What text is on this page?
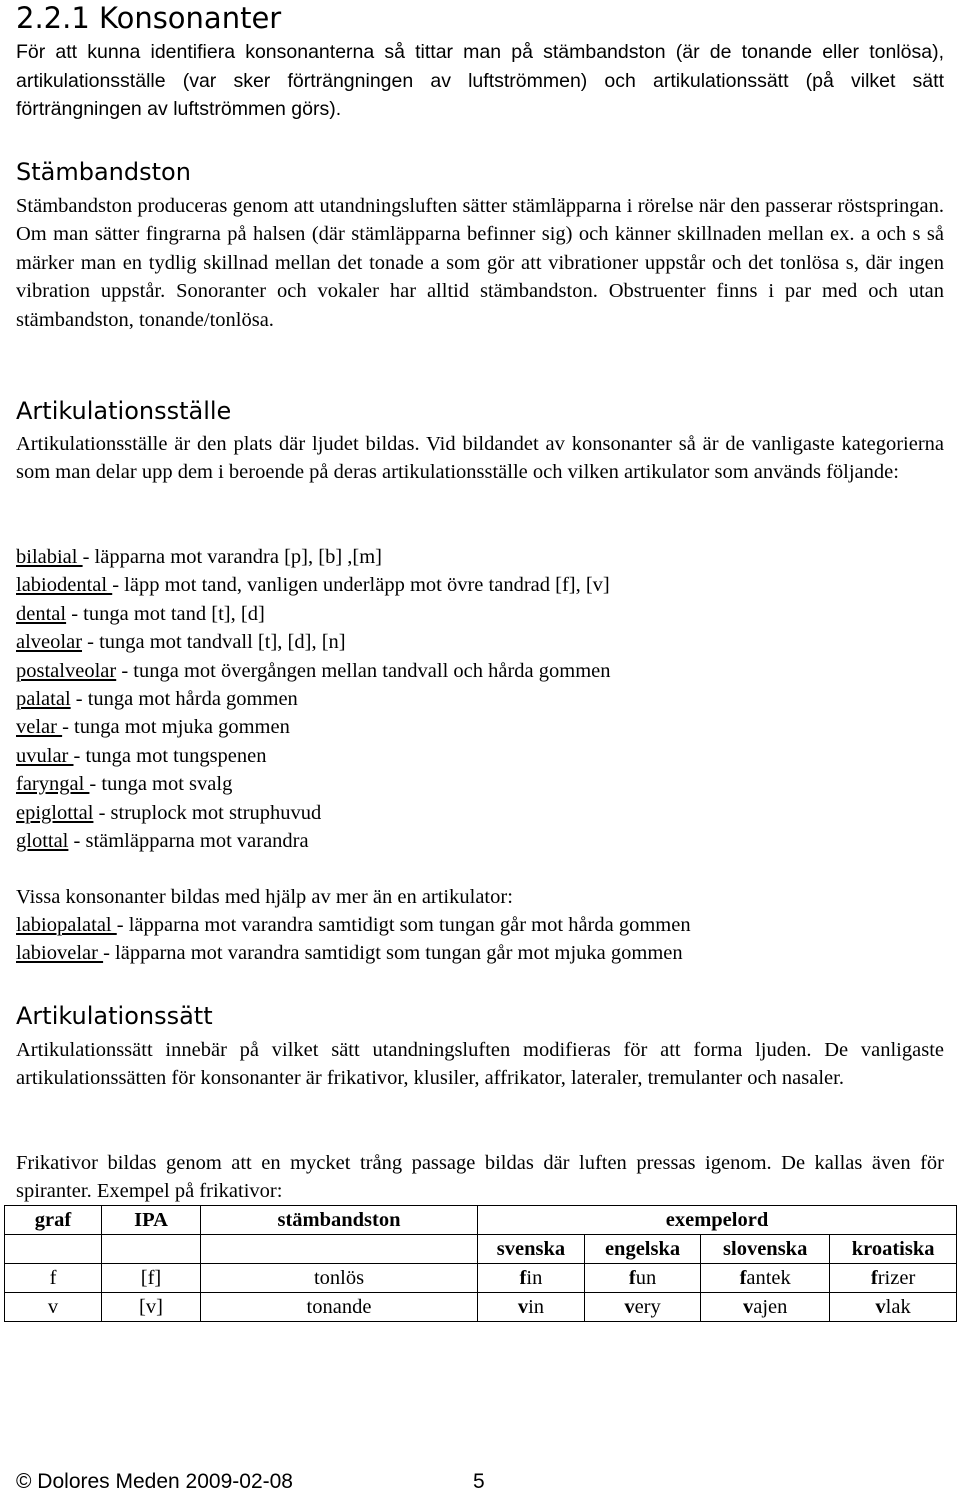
2.2.1 Konsonanter

För att kunna identifiera konsonanterna så tittar man på stämbandston (är de tonande eller tonlösa), artikulationsställe (var sker förträngningen av luftströmmen) och artikulationssätt (på vilket sätt förträngningen av luftströmmen görs).

Stämbandston

Stämbandston produceras genom att utandningsluften sätter stämläpparna i rörelse när den passerar röstspringan. Om man sätter fingrarna på halsen (där stämläpparna befinner sig) och känner skillnaden mellan ex. a och s så märker man en tydlig skillnad mellan det tonade a som gör att vibrationer uppstår och det tonlösa s, där ingen vibration uppstår. Sonoranter och vokaler har alltid stämbandston. Obstruenter finns i par med och utan stämbandston, tonande/tonlösa.

Artikulationsställe

Artikulationsställe är den plats där ljudet bildas. Vid bildandet av konsonanter så är de vanligaste kategorierna som man delar upp dem i beroende på deras artikulationsställe och vilken artikulator som används följande:

bilabial - läpparna mot varandra [p], [b] ,[m]
labiodental - läpp mot tand, vanligen underläpp mot övre tandrad [f], [v]
dental - tunga mot tand [t], [d]
alveolar - tunga mot tandvall [t], [d], [n]
postalveolar - tunga mot övergången mellan tandvall och hårda gommen
palatal - tunga mot hårda gommen
velar - tunga mot mjuka gommen
uvular - tunga mot tungspenen
faryngal - tunga mot svalg
epiglottal - struplock mot struphuvud
glottal - stämläpparna mot varandra

Vissa konsonanter bildas med hjälp av mer än en artikulator:

labiopalatal - läpparna mot varandra samtidigt som tungan går mot hårda gommen
labiovelar - läpparna mot varandra samtidigt som tungan går mot mjuka gommen
Artikulationssätt

Artikulationssätt innebär på vilket sätt utandningsluften modifieras för att forma ljuden. De vanligaste artikulationssätten för konsonanter är frikativor, klusiler, affrikator, lateraler, tremulanter och nasaler.

Frikativor bildas genom att en mycket trång passage bildas där luften pressas igenom. De kallas även för spiranter. Exempel på frikativor:

graf	IPA	stämbandston	exempelord			
			svenska	engelska	slovenska	kroatiska
f	[f]	tonlös	fin	fun	fantek	frizer
v	[v]	tonande	vin	very	vajen	vlak
© Dolores Meden 2009-02-08	5
